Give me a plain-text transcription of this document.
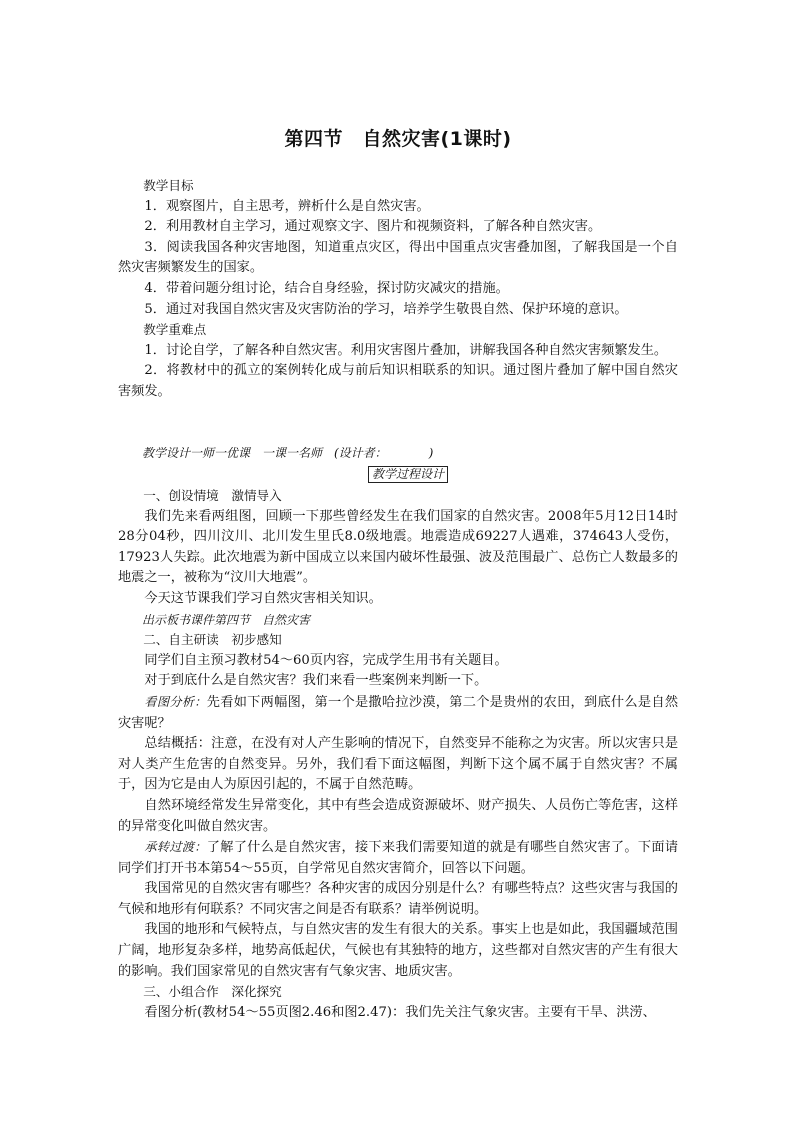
第四节　自然灾害(1课时)

教学目标

1．观察图片，自主思考，辨析什么是自然灾害。

2．利用教材自主学习，通过观察文字、图片和视频资料，了解各种自然灾害。

3．阅读我国各种灾害地图，知道重点灾区，得出中国重点灾害叠加图，了解我国是一个自然灾害频繁发生的国家。

4．带着问题分组讨论，结合自身经验，探讨防灾减灾的措施。

5．通过对我国自然灾害及灾害防治的学习，培养学生敬畏自然、保护环境的意识。

教学重难点

1．讨论自学，了解各种自然灾害。利用灾害图片叠加，讲解我国各种自然灾害频繁发生。

2．将教材中的孤立的案例转化成与前后知识相联系的知识。通过图片叠加了解中国自然灾害频发。

教学设计一师一优课　一课一名师　(设计者：　　　　)
教学过程设计

一、创设情境　激情导入

我们先来看两组图，回顾一下那些曾经发生在我们国家的自然灾害。2008年5月12日14时28分04秒，四川汶川、北川发生里氏8.0级地震。地震造成69227人遇难，374643人受伤，17923人失踪。此次地震为新中国成立以来国内破坏性最强、波及范围最广、总伤亡人数最多的地震之一，被称为“汶川大地震”。

今天这节课我们学习自然灾害相关知识。

出示板书课件第四节　自然灾害

二、自主研读　初步感知

同学们自主预习教材54～60页内容，完成学生用书有关题目。

对于到底什么是自然灾害？我们来看一些案例来判断一下。

看图分析：先看如下两幅图，第一个是撒哈拉沙漠，第二个是贵州的农田，到底什么是自然灾害呢？

总结概括：注意，在没有对人产生影响的情况下，自然变异不能称之为灾害。所以灾害只是对人类产生危害的自然变异。另外，我们看下面这幅图，判断下这个属不属于自然灾害？不属于，因为它是由人为原因引起的，不属于自然范畴。

自然环境经常发生异常变化，其中有些会造成资源破坏、财产损失、人员伤亡等危害，这样的异常变化叫做自然灾害。

承转过渡：了解了什么是自然灾害，接下来我们需要知道的就是有哪些自然灾害了。下面请同学们打开书本第54～55页，自学常见自然灾害简介，回答以下问题。

我国常见的自然灾害有哪些？各种灾害的成因分别是什么？有哪些特点？这些灾害与我国的气候和地形有何联系？不同灾害之间是否有联系？请举例说明。

我国的地形和气候特点，与自然灾害的发生有很大的关系。事实上也是如此，我国疆域范围广阔，地形复杂多样，地势高低起伏，气候也有其独特的地方，这些都对自然灾害的产生有很大的影响。我们国家常见的自然灾害有气象灾害、地质灾害。

三、小组合作　深化探究

看图分析(教材54～55页图2.46和图2.47)：我们先关注气象灾害。主要有干旱、洪涝、
